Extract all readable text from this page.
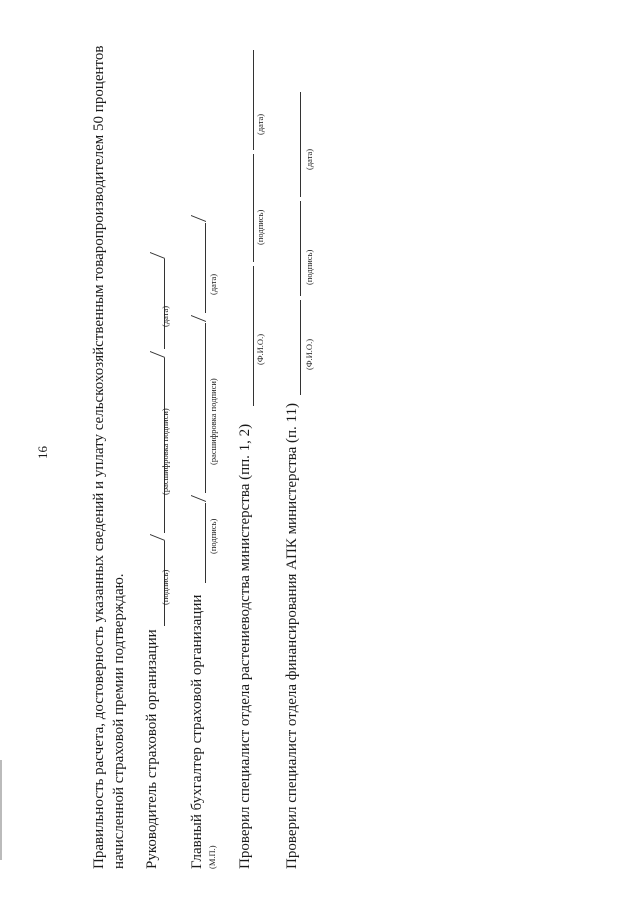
16	Правильность расчета, достоверность указанных сведений и уплату сельскохозяйственным товаропроизводителем 50 процентов начисленной страховой премии подтверждаю. Руководитель страховой организации
(подпись)
(расшифровка подписи)
(дата)
Главный бухгалтер страховой организации (М.П.)
(подпись)
(расшифровка подписи)
(дата)
Проверил специалист отдела растениеводства министерства (пп. 1, 2)
(Ф.И.О.)
(подпись)
(дата)
Проверил специалист отдела финансирования АПК министерства (п. 11)
(Ф.И.О.)
(подпись)
(дата)
